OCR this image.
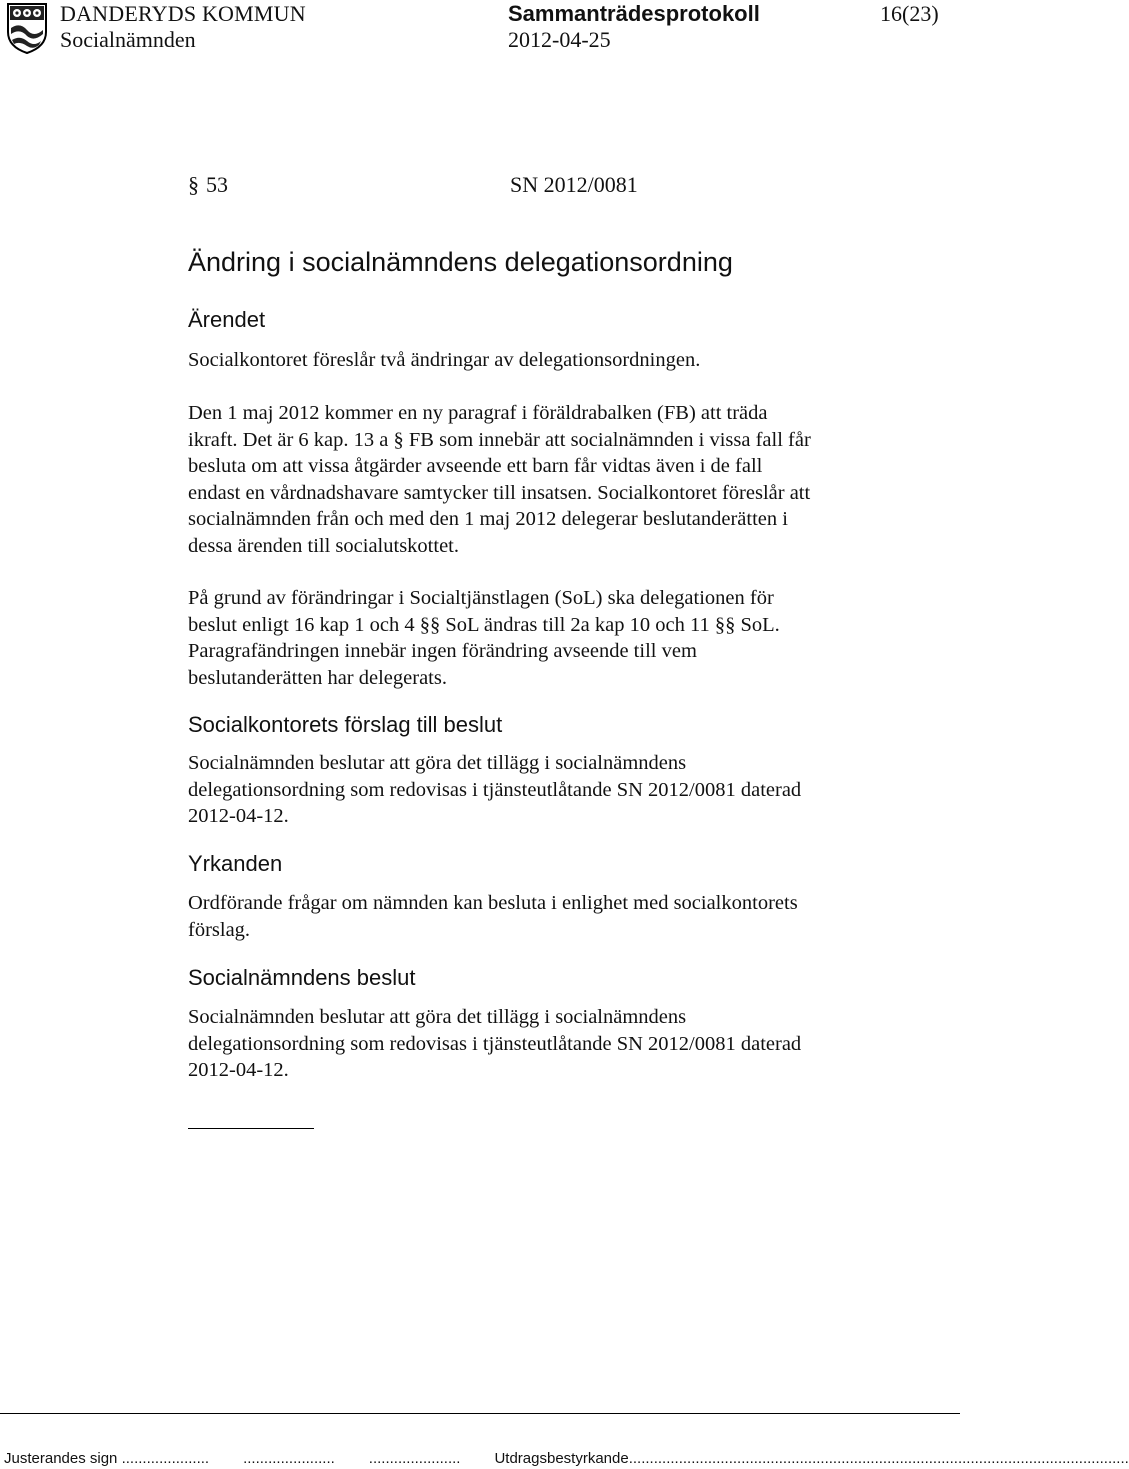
DANDERYDS KOMMUN
Socialnämnden
Sammanträdesprotokoll
2012-04-25
16(23)
§ 53	SN 2012/0081
Ändring i socialnämndens delegationsordning
Ärendet
Socialkontoret föreslår två ändringar av delegationsordningen.
Den 1 maj 2012 kommer en ny paragraf i föräldrabalken (FB) att träda
ikraft. Det är 6 kap. 13 a § FB som innebär att socialnämnden i vissa fall får
besluta om att vissa åtgärder avseende ett barn får vidtas även i de fall
endast en vårdnadshavare samtycker till insatsen. Socialkontoret föreslår att
socialnämnden från och med den 1 maj 2012 delegerar beslutanderätten i
dessa ärenden till socialutskottet.
På grund av förändringar i Socialtjänstlagen (SoL) ska delegationen för
beslut enligt 16 kap 1 och 4 §§ SoL ändras till 2a kap 10 och 11 §§ SoL.
Paragrafändringen innebär ingen förändring avseende till vem
beslutanderätten har delegerats.
Socialkontorets förslag till beslut
Socialnämnden beslutar att göra det tillägg i socialnämndens
delegationsordning som redovisas i tjänsteutlåtande SN 2012/0081 daterad
2012-04-12.
Yrkanden
Ordförande frågar om nämnden kan besluta i enlighet med socialkontorets
förslag.
Socialnämndens beslut
Socialnämnden beslutar att göra det tillägg i socialnämndens
delegationsordning som redovisas i tjänsteutlåtande SN 2012/0081 daterad
2012-04-12.
Justerandes sign ..................... ...................... ...................... Utdragsbestyrkande........................................................................................................................
